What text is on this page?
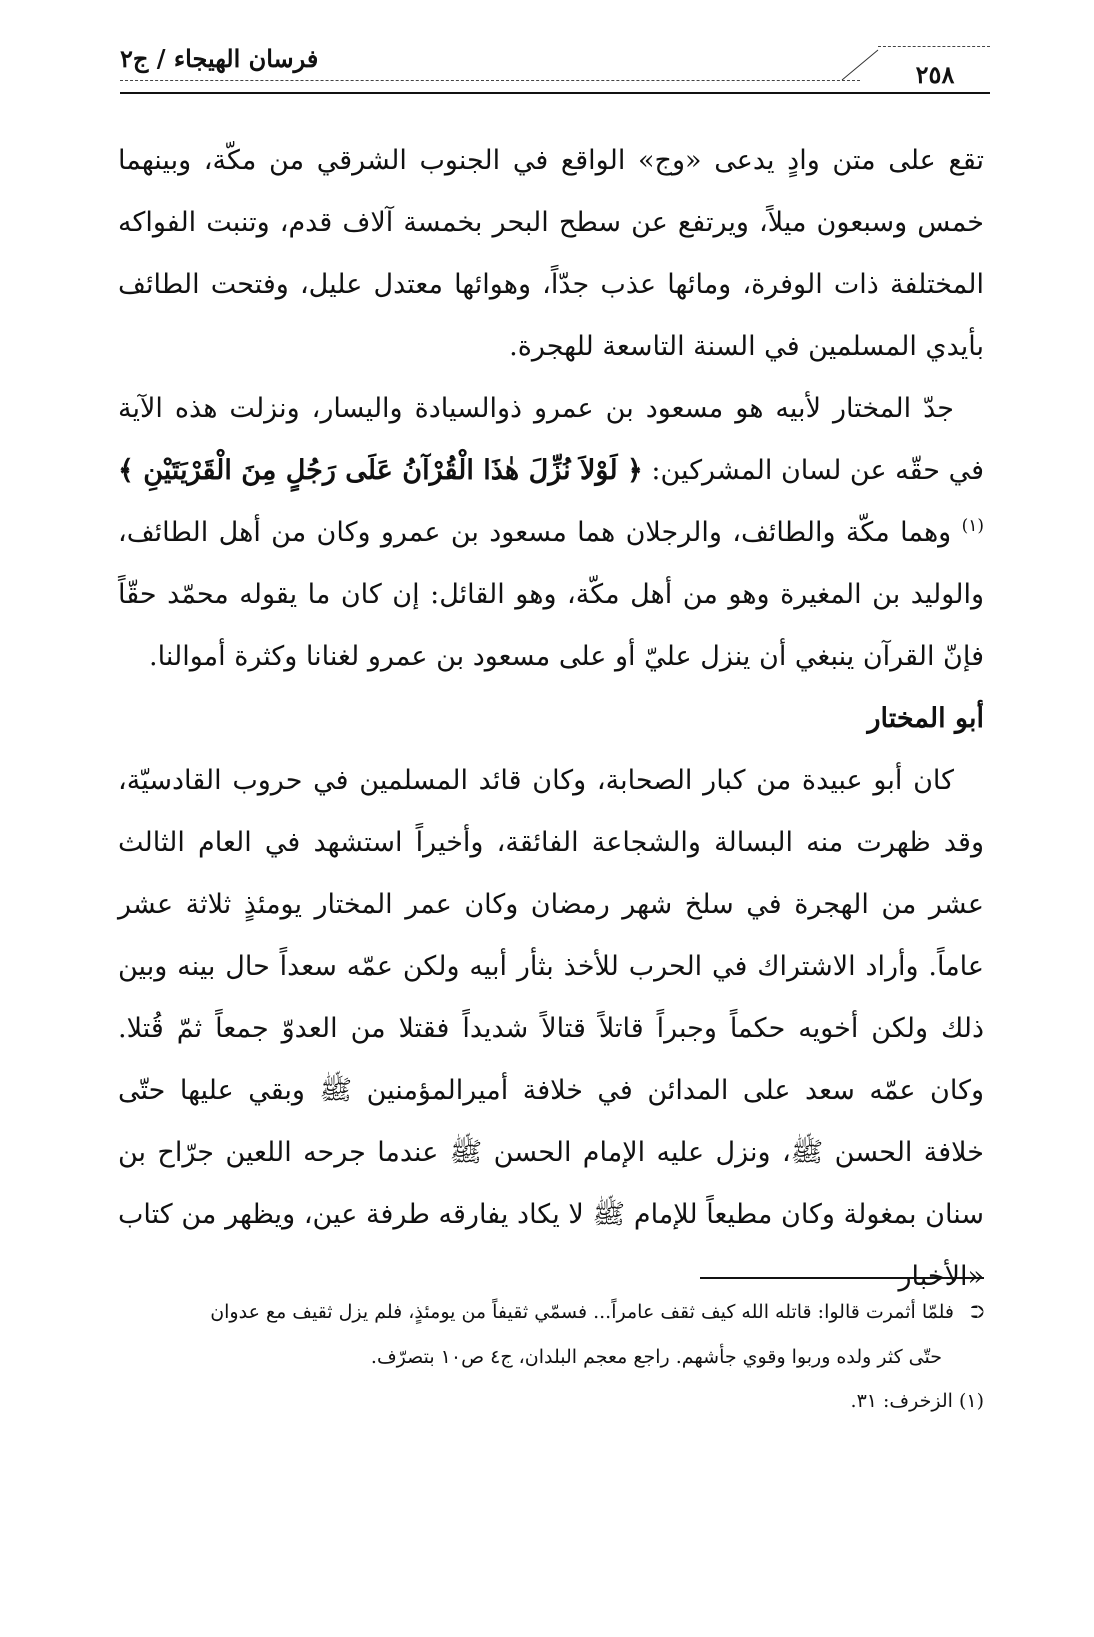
فرسان الهيجاء / ج٢
٢٥٨

تقع على متن وادٍ يدعى «وج» الواقع في الجنوب الشرقي من مكّة، وبينهما خمس وسبعون ميلاً، ويرتفع عن سطح البحر بخمسة آلاف قدم، وتنبت الفواكه المختلفة ذات الوفرة، ومائها عذب جدّاً، وهوائها معتدل عليل، وفتحت الطائف بأيدي المسلمين في السنة التاسعة للهجرة.

جدّ المختار لأبيه هو مسعود بن عمرو ذوالسيادة واليسار، ونزلت هذه الآية في حقّه عن لسان المشركين: ﴿ لَوْلاَ نُزِّلَ هٰذَا الْقُرْآنُ عَلَى رَجُلٍ مِنَ الْقَرْيَتَيْنِ ﴾$^{(١)}$ وهما مكّة والطائف، والرجلان هما مسعود بن عمرو وكان من أهل الطائف، والوليد بن المغيرة وهو من أهل مكّة، وهو القائل: إن كان ما يقوله محمّد حقّاً فإنّ القرآن ينبغي أن ينزل عليّ أو على مسعود بن عمرو لغنانا وكثرة أموالنا.

أبو المختار

كان أبو عبيدة من كبار الصحابة، وكان قائد المسلمين في حروب القادسيّة، وقد ظهرت منه البسالة والشجاعة الفائقة، وأخيراً استشهد في العام الثالث عشر من الهجرة في سلخ شهر رمضان وكان عمر المختار يومئذٍ ثلاثة عشر عاماً. وأراد الاشتراك في الحرب للأخذ بثأر أبيه ولكن عمّه سعداً حال بينه وبين ذلك ولكن أخويه حكماً وجبراً قاتلاً قتالاً شديداً فقتلا من العدوّ جمعاً ثمّ قُتلا. وكان عمّه سعد على المدائن في خلافة أميرالمؤمنين ﷺ وبقي عليها حتّى خلافة الحسن ﷺ، ونزل عليه الإمام الحسن ﷺ عندما جرحه اللعين جرّاح بن سنان بمغولة وكان مطيعاً للإمام ﷺ لا يكاد يفارقه طرفة عين، ويظهر من كتاب «الأخبار

⮊فلمّا أثمرت قالوا: قاتله الله كيف ثقف عامراً... فسمّي ثقيفاً من يومئذٍ، فلم يزل ثقيف مع عدوان

حتّى كثر ولده وربوا وقوي جأشهم. راجع معجم البلدان، ج٤ ص١٠ بتصرّف.

(١) الزخرف: ٣١.
